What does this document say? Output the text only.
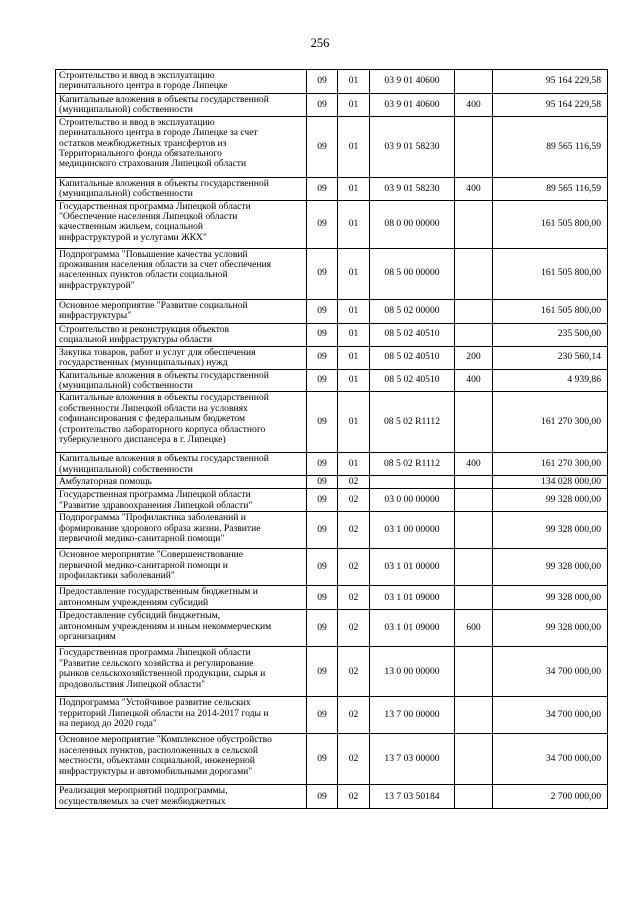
256
Строительство и ввод в эксплуатацию
перинатального центра в городе Липецке	09	01	03 9 01 40600		95 164 229,58
Капитальные вложения в объекты государственной
(муниципальной) собственности	09	01	03 9 01 40600	400	95 164 229,58
Строительство и ввод в эксплуатацию
перинатального центра в городе Липецке за счет
остатков межбюджетных трансфертов из
Территориального фонда обязательного
медицинского страхования Липецкой области	09	01	03 9 01 58230		89 565 116,59
Капитальные вложения в объекты государственной
(муниципальной) собственности	09	01	03 9 01 58230	400	89 565 116,59
Государственная программа Липецкой области
"Обеспечение населения Липецкой области
качественным жильем, социальной
инфраструктурой и услугами ЖКХ"	09	01	08 0 00 00000		161 505 800,00
Подпрограмма "Повышение качества условий
проживания населения области за счет обеспечения
населенных пунктов области социальной
инфраструктурой"	09	01	08 5 00 00000		161 505 800,00
Основное мероприятие "Развитие социальной
инфраструктуры"	09	01	08 5 02 00000		161 505 800,00
Строительство и реконструкция объектов
социальной инфраструктуры области	09	01	08 5 02 40510		235 500,00
Закупка товаров, работ и услуг для обеспечения
государственных (муниципальных) нужд	09	01	08 5 02 40510	200	230 560,14
Капитальные вложения в объекты государственной
(муниципальной) собственности	09	01	08 5 02 40510	400	4 939,86
Капитальные вложения в объекты государственной
собственности Липецкой области на условиях
софинансирования с федеральным бюджетом
(строительство лабораторного корпуса областного
туберкулезного диспансера в г. Липецке)	09	01	08 5 02 R1112		161 270 300,00
Капитальные вложения в объекты государственной
(муниципальной) собственности	09	01	08 5 02 R1112	400	161 270 300,00
Амбулаторная помощь	09	02			134 028 000,00
Государственная программа Липецкой области
"Развитие здравоохранения Липецкой области"	09	02	03 0 00 00000		99 328 000,00
Подпрограмма "Профилактика заболеваний и
формирование здорового образа жизни. Развитие
первичной медико-санитарной помощи"	09	02	03 1 00 00000		99 328 000,00
Основное мероприятие "Совершенствование
первичной медико-санитарной помощи и
профилактики заболеваний"	09	02	03 1 01 00000		99 328 000,00
Предоставление государственным бюджетным и
автономным учреждениям субсидий	09	02	03 1 01 09000		99 328 000,00
Предоставление субсидий бюджетным,
автономным учреждениям и иным некоммерческим
организациям	09	02	03 1 01 09000	600	99 328 000,00
Государственная программа Липецкой области
"Развитие сельского хозяйства и регулирование
рынков сельскохозяйственной продукции, сырья и
продовольствия Липецкой области"	09	02	13 0 00 00000		34 700 000,00
Подпрограмма "Устойчивое развитие сельских
территорий Липецкой области на 2014-2017 годы и
на период до 2020 года"	09	02	13 7 00 00000		34 700 000,00
Основное мероприятие "Комплексное обустройство
населенных пунктов, расположенных в сельской
местности, объектами социальной, инженерной
инфраструктуры и автомобильными дорогами"	09	02	13 7 03 00000		34 700 000,00
Реализация мероприятий подпрограммы,
осуществляемых за счет межбюджетных	09	02	13 7 03 50184		2 700 000,00
